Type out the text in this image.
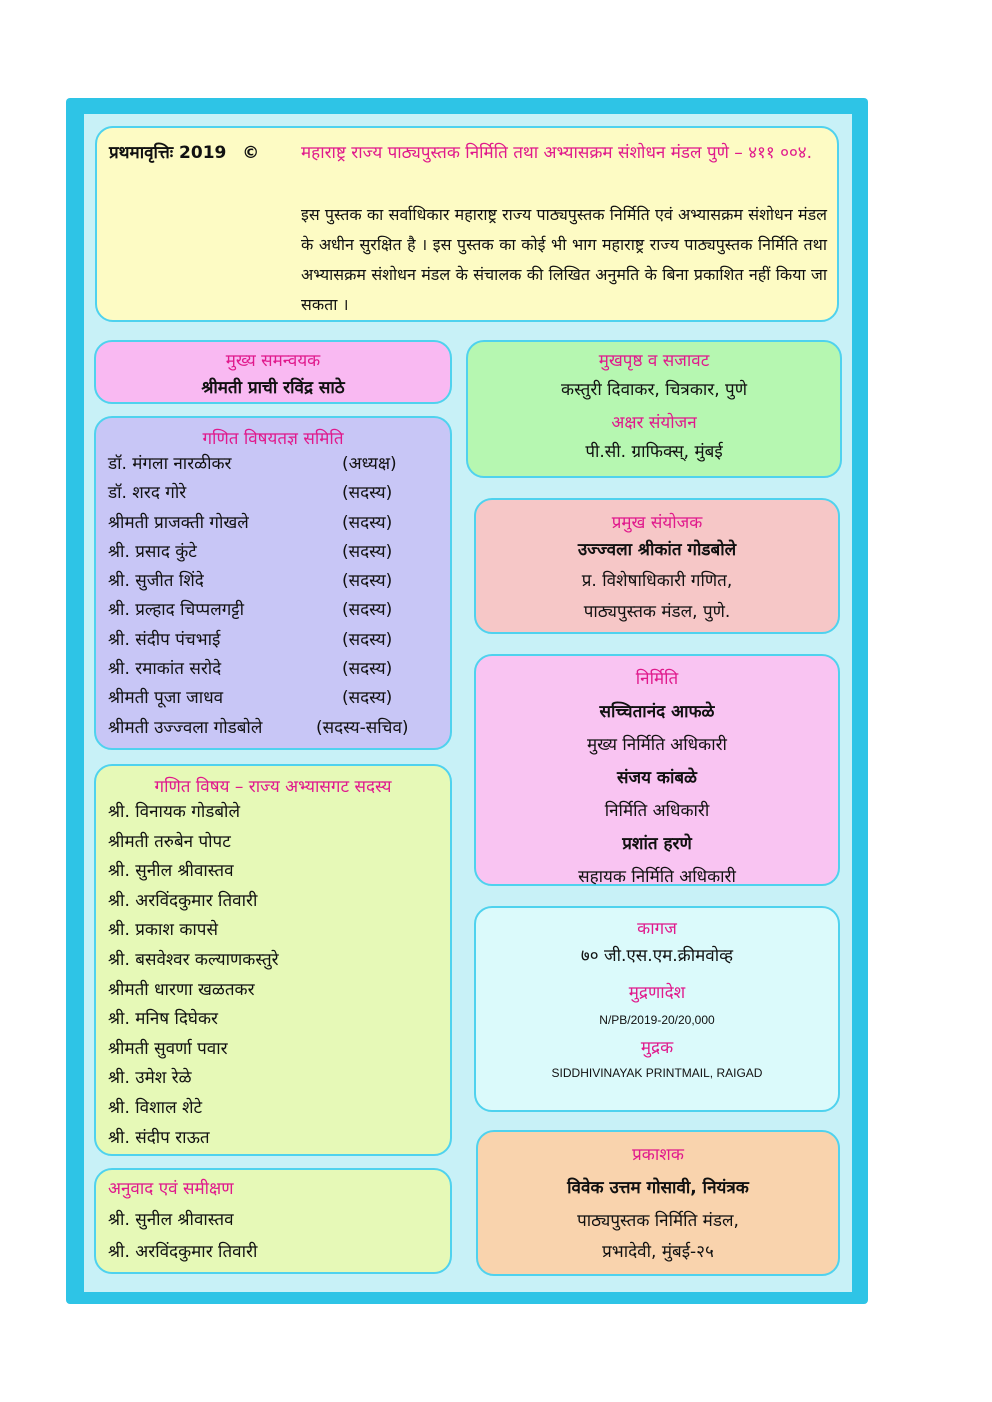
प्रथमावृत्तिः 2019 © महाराष्ट्र राज्य पाठ्यपुस्तक निर्मिति तथा अभ्यासक्रम संशोधन मंडल पुणे – ४११ ००४.
इस पुस्तक का सर्वाधिकार महाराष्ट्र राज्य पाठ्यपुस्तक निर्मिति एवं अभ्यासक्रम संशोधन मंडल के अधीन सुरक्षित है । इस पुस्तक का कोई भी भाग महाराष्ट्र राज्य पाठ्यपुस्तक निर्मिति तथा अभ्यासक्रम संशोधन मंडल के संचालक की लिखित अनुमति के बिना प्रकाशित नहीं किया जा सकता ।
मुख्य समन्वयक
श्रीमती प्राची रविंद्र साठे
गणित विषयतज्ञ समिति
डॉ. मंगला नारळीकर	(अध्यक्ष)
डॉ. शरद गोरे	(सदस्य)
श्रीमती प्राजक्ती गोखले	(सदस्य)
श्री. प्रसाद कुंटे	(सदस्य)
श्री. सुजीत शिंदे	(सदस्य)
श्री. प्रल्हाद चिप्पलगट्टी	(सदस्य)
श्री. संदीप पंचभाई	(सदस्य)
श्री. रमाकांत सरोदे	(सदस्य)
श्रीमती पूजा जाधव	(सदस्य)
श्रीमती उज्ज्वला गोडबोले	(सदस्य-सचिव)
गणित विषय – राज्य अभ्यासगट सदस्य
श्री. विनायक गोडबोले
श्रीमती तरुबेन पोपट
श्री. सुनील श्रीवास्तव
श्री. अरविंदकुमार तिवारी
श्री. प्रकाश कापसे
श्री. बसवेश्वर कल्याणकस्तुरे
श्रीमती धारणा खळतकर
श्री. मनिष दिघेकर
श्रीमती सुवर्णा पवार
श्री. उमेश रेळे
श्री. विशाल शेटे
श्री. संदीप राऊत
अनुवाद एवं समीक्षण
श्री. सुनील श्रीवास्तव
श्री. अरविंदकुमार तिवारी
मुखपृष्ठ व सजावट
कस्तुरी दिवाकर, चित्रकार, पुणे
अक्षर संयोजन
पी.सी. ग्राफिक्स्, मुंबई
प्रमुख संयोजक
उज्ज्वला श्रीकांत गोडबोले
प्र. विशेषाधिकारी गणित,
पाठ्यपुस्तक मंडल, पुणे.
निर्मिति
सच्चितानंद आफळे
मुख्य निर्मिति अधिकारी
संजय कांबळे
निर्मिति अधिकारी
प्रशांत हरणे
सहायक निर्मिति अधिकारी
कागज
७० जी.एस.एम.क्रीमवोव्ह
मुद्रणादेश
N/PB/2019-20/20,000
मुद्रक
SIDDHIVINAYAK PRINTMAIL, RAIGAD
प्रकाशक
विवेक उत्तम गोसावी, नियंत्रक
पाठ्यपुस्तक निर्मिति मंडल,
प्रभादेवी, मुंबई-२५
